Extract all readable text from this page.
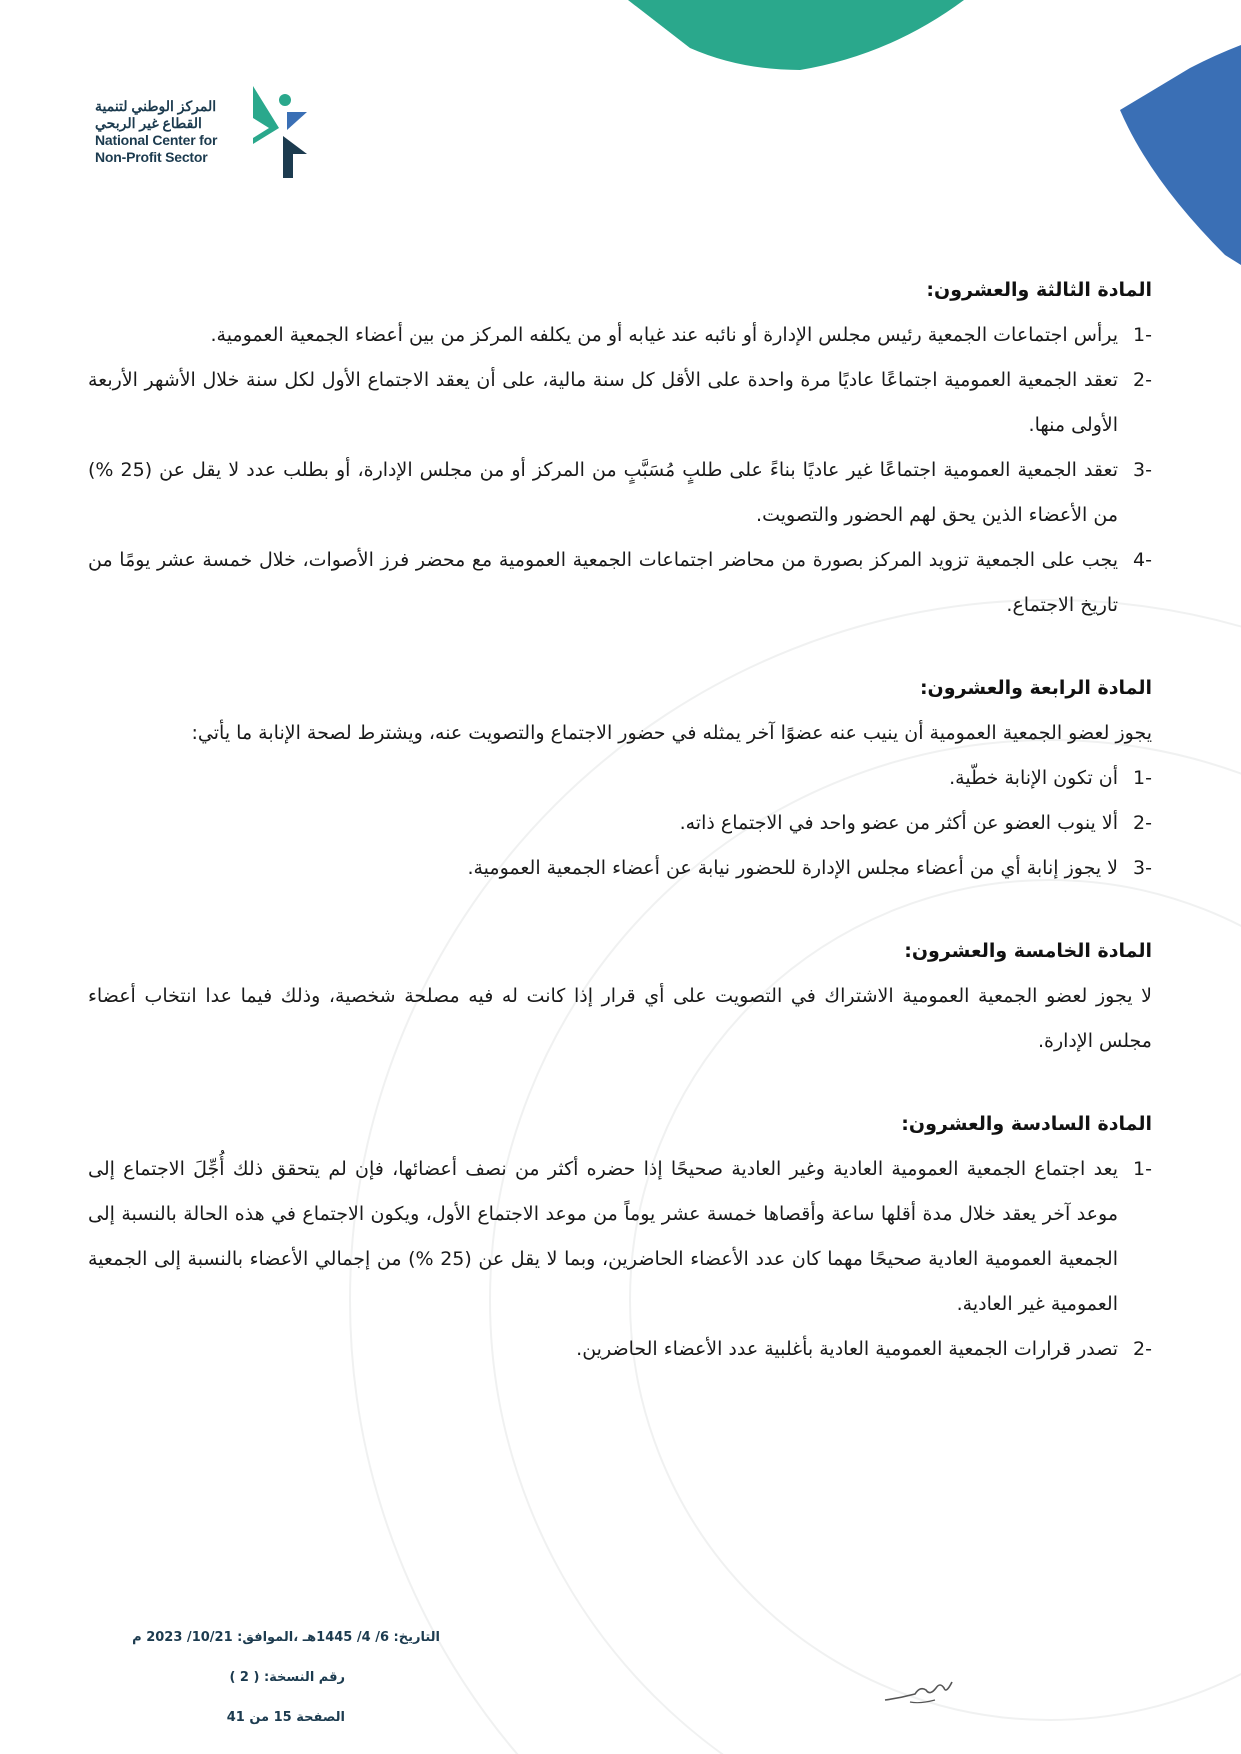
المركز الوطني لتنمية
القطاع غير الربحي
National Center for
Non-Profit Sector

المادة الثالثة والعشرون:

1-
يرأس اجتماعات الجمعية رئيس مجلس الإدارة أو نائبه عند غيابه أو من يكلفه المركز من بين أعضاء الجمعية العمومية.

2-
تعقد الجمعية العمومية اجتماعًا عاديًا مرة واحدة على الأقل كل سنة مالية، على أن يعقد الاجتماع الأول لكل سنة خلال الأشهر الأربعة الأولى منها.

3-
تعقد الجمعية العمومية اجتماعًا غير عاديًا بناءً على طلبٍ مُسَبَّبٍ من المركز أو من مجلس الإدارة، أو بطلب عدد لا يقل عن (25 %) من الأعضاء الذين يحق لهم الحضور والتصويت.

4-
يجب على الجمعية تزويد المركز بصورة من محاضر اجتماعات الجمعية العمومية مع محضر فرز الأصوات، خلال خمسة عشر يومًا من تاريخ الاجتماع.

المادة الرابعة والعشرون:

يجوز لعضو الجمعية العمومية أن ينيب عنه عضوًا آخر يمثله في حضور الاجتماع والتصويت عنه، ويشترط لصحة الإنابة ما يأتي:

1-
أن تكون الإنابة خطّية.

2-
ألا ينوب العضو عن أكثر من عضو واحد في الاجتماع ذاته.

3-
لا يجوز إنابة أي من أعضاء مجلس الإدارة للحضور نيابة عن أعضاء الجمعية العمومية.

المادة الخامسة والعشرون:

لا يجوز لعضو الجمعية العمومية الاشتراك في التصويت على أي قرار إذا كانت له فيه مصلحة شخصية، وذلك فيما عدا انتخاب أعضاء مجلس الإدارة.

المادة السادسة والعشرون:

1-
يعد اجتماع الجمعية العمومية العادية وغير العادية صحيحًا إذا حضره أكثر من نصف أعضائها، فإن لم يتحقق ذلك أُجِّلَ الاجتماع إلى موعد آخر يعقد خلال مدة أقلها ساعة وأقصاها خمسة عشر يوماً من موعد الاجتماع الأول، ويكون الاجتماع في هذه الحالة بالنسبة إلى الجمعية العمومية العادية صحيحًا مهما كان عدد الأعضاء الحاضرين، وبما لا يقل عن (25 %) من إجمالي الأعضاء بالنسبة إلى الجمعية العمومية غير العادية.

2-
تصدر قرارات الجمعية العمومية العادية بأغلبية عدد الأعضاء الحاضرين.

التاريخ: 6/ 4/ 1445هـ ،الموافق: 10/21/ 2023 م
رقم النسخة: ( 2 )
الصفحة 15 من 41
